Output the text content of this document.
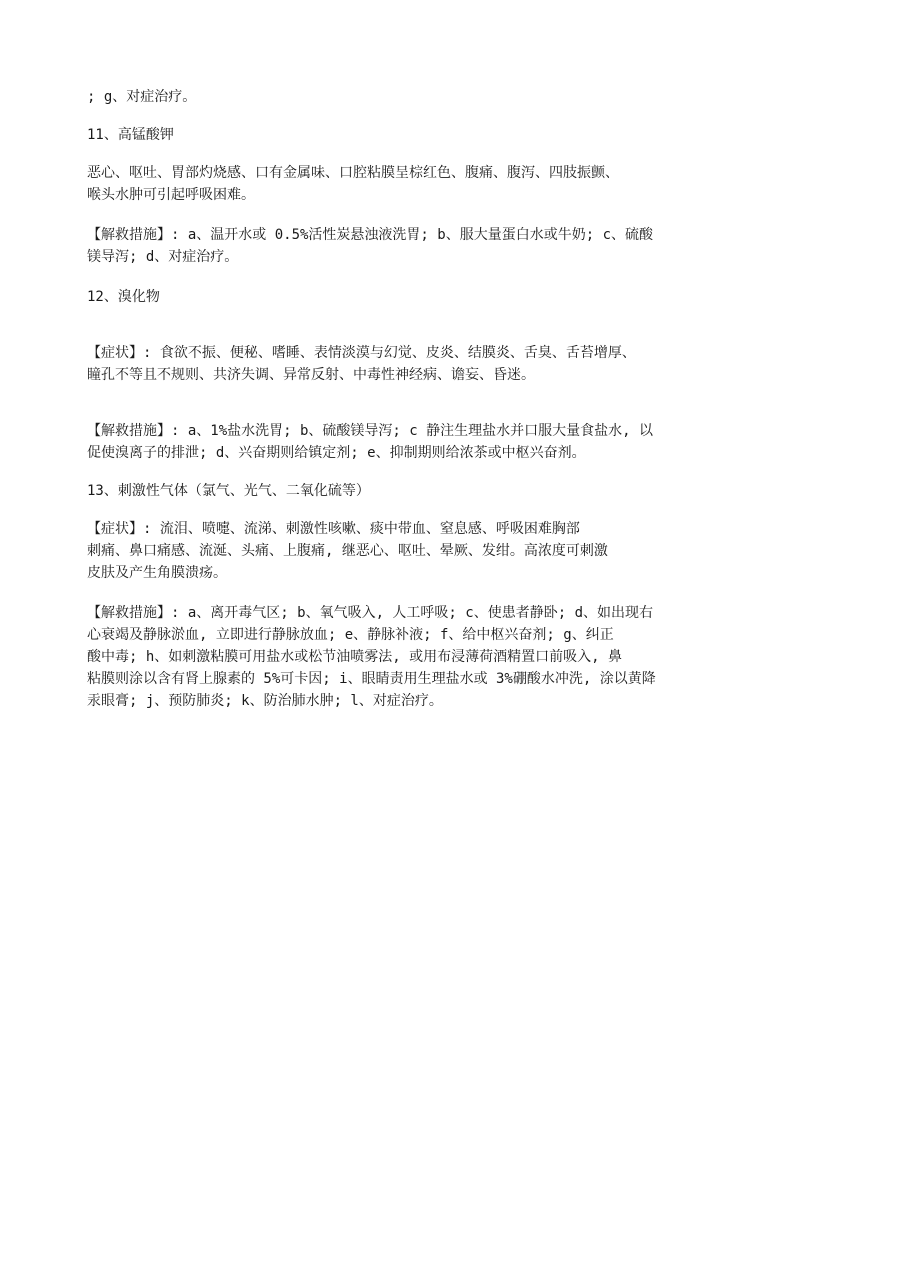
; g、对症治疗。
11、高锰酸钾
恶心、呕吐、胃部灼烧感、口有金属味、口腔粘膜呈棕红色、腹痛、腹泻、四肢振颤、
喉头水肿可引起呼吸困难。
【解救措施】: a、温开水或 0.5%活性炭悬浊液洗胃; b、服大量蛋白水或牛奶; c、硫酸
镁导泻; d、对症治疗。
12、溴化物
【症状】: 食欲不振、便秘、嗜睡、表情淡漠与幻觉、皮炎、结膜炎、舌臭、舌苔增厚、
瞳孔不等且不规则、共济失调、异常反射、中毒性神经病、谵妄、昏迷。
【解救措施】: a、1%盐水洗胃; b、硫酸镁导泻; c 静注生理盐水并口服大量食盐水, 以
促使溴离子的排泄; d、兴奋期则给镇定剂; e、抑制期则给浓茶或中枢兴奋剂。
13、刺激性气体（氯气、光气、二氧化硫等）
【症状】: 流泪、喷嚏、流涕、刺激性咳嗽、痰中带血、窒息感、呼吸困难胸部
刺痛、鼻口痛感、流涎、头痛、上腹痛, 继恶心、呕吐、晕厥、发绀。高浓度可刺激
皮肤及产生角膜溃疡。
【解救措施】: a、离开毒气区; b、氧气吸入, 人工呼吸; c、使患者静卧; d、如出现右
心衰竭及静脉淤血, 立即进行静脉放血; e、静脉补液; f、给中枢兴奋剂; g、纠正
酸中毒; h、如刺激粘膜可用盐水或松节油喷雾法, 或用布浸薄荷酒精置口前吸入, 鼻
粘膜则涂以含有肾上腺素的 5%可卡因; i、眼睛责用生理盐水或 3%硼酸水冲洗, 涂以黄降
汞眼膏; j、预防肺炎; k、防治肺水肿; l、对症治疗。
